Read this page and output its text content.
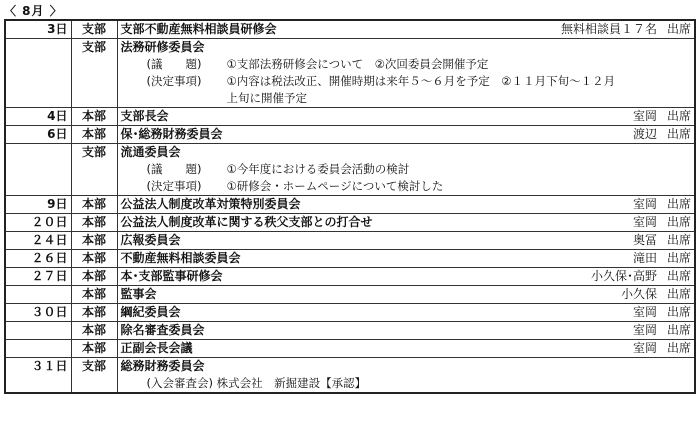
〈 8月 〉
3日	支部	支部不動産無料相談員研修会 無料相談員１７名 出席

	支部	法務研修委員会
(議　　題) ①支部法務研修会について　②次回委員会開催予定
(決定事項) ①内容は税法改正、開催時期は来年５～６月を予定　②１１月下旬～１２月
上旬に開催予定

4日	本部	支部長会 室岡 出席

6日	本部	保･総務財務委員会 渡辺 出席

	支部	流通委員会
(議　　題) ①今年度における委員会活動の検討
(決定事項) ①研修会・ホームページについて検討した

9日	本部	公益法人制度改革対策特別委員会 室岡 出席

２０日	本部	公益法人制度改革に関する秩父支部との打合せ 室岡 出席

２４日	本部	広報委員会 奥冨 出席

２６日	本部	不動産無料相談委員会 滝田 出席

２７日	本部	本･支部監事研修会 小久保･高野 出席

	本部	監事会 小久保 出席

３０日	本部	綱紀委員会 室岡 出席

	本部	除名審査委員会 室岡 出席

	本部	正副会長会議 室岡 出席

３１日	支部	総務財務委員会
(入会審査会) 株式会社　新掘建設【承認】
